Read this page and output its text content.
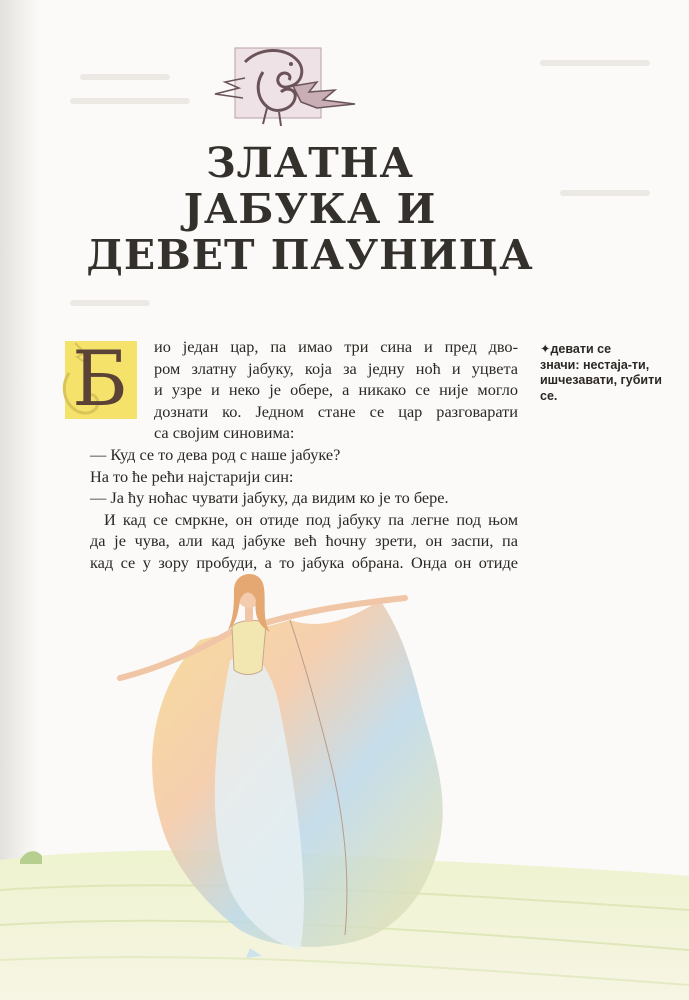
ЗЛАТНА
ЈАБУКА И
ДЕВЕТ ПАУНИЦА
Б	ио један цар, па имао три сина и пред дво-

ром златну јабуку, која за једну ноћ и уцвета

и узре и неко је обере, а никако се није могло

дознати ко. Једном стане се цар разговарати

са својим синовима:

— Куд се то дева род с наше јабуке?

На то ће рећи најстарији син:

— Ја ћу ноћас чувати јабуку, да видим ко је то бере.

И кад се смркне, он отиде под јабуку па легне под њом

да је чува, али кад јабуке већ ћочну зрети, он заспи, па

кад се у зору пробуди, а то јабука обрана. Онда он отиде

✦девати се
значи: нестаја-ти, ишчезавати, губити се.
